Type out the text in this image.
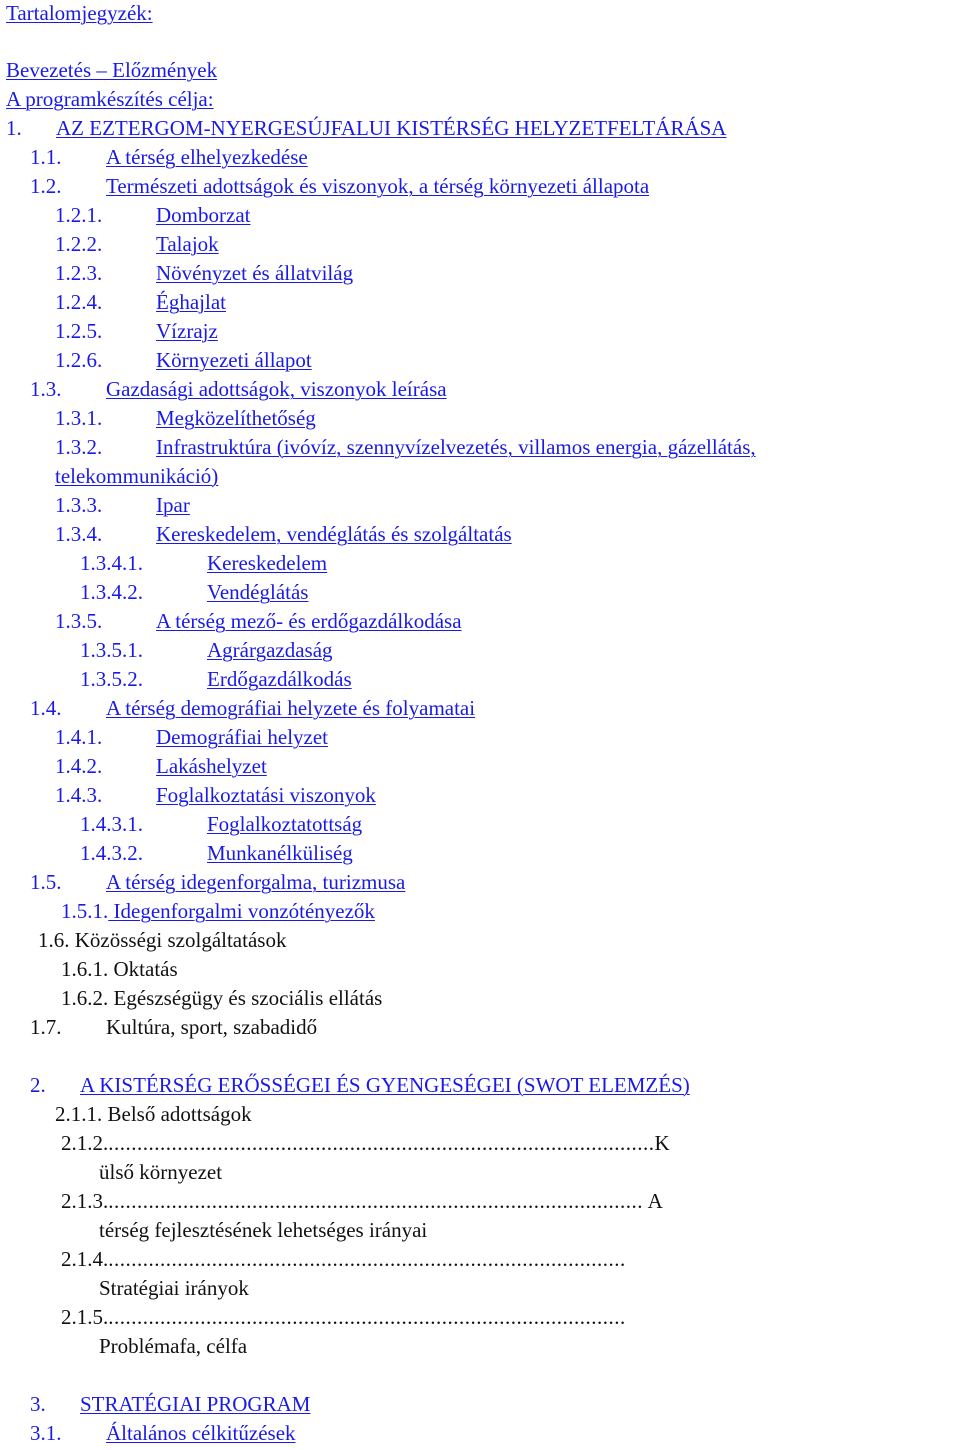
Tartalomjegyzék:
Bevezetés – Előzmények
A programkészítés célja:
1. AZ EZTERGOM-NYERGESÚJFALUI KISTÉRSÉG HELYZETFELTÁRÁSA
1.1. A térség elhelyezkedése
1.2. Természeti adottságok és viszonyok, a térség környezeti állapota
1.2.1.	Domborzat
1.2.2.	Talajok
1.2.3.	Növényzet és állatvilág
1.2.4.	Éghajlat
1.2.5.	Vízrajz
1.2.6.	Környezeti állapot
1.3. Gazdasági adottságok, viszonyok leírása
1.3.1.	Megközelíthetőség
1.3.2.	Infrastruktúra (ivóvíz, szennyvízelvezetés, villamos energia, gázellátás,
telekommunikáció)
1.3.3.	Ipar
1.3.4.	Kereskedelem, vendéglátás és szolgáltatás
1.3.4.1.	Kereskedelem
1.3.4.2.	Vendéglátás
1.3.5.	A térség mező- és erdőgazdálkodása
1.3.5.1.	Agrárgazdaság
1.3.5.2.	Erdőgazdálkodás
1.4. A térség demográfiai helyzete és folyamatai
1.4.1.	Demográfiai helyzet
1.4.2.	Lakáshelyzet
1.4.3.	Foglalkoztatási viszonyok
1.4.3.1.	Foglalkoztatottság
1.4.3.2.	Munkanélküliség
1.5. A térség idegenforgalma, turizmusa
1.5.1. Idegenforgalmi vonzótényezők
1.6. Közösségi szolgáltatások
1.6.1. Oktatás
1.6.2. Egészségügy és szociális ellátás
1.7. Kultúra, sport, szabadidő
2. A KISTÉRSÉG ERŐSSÉGEI ÉS GYENGESÉGEI (SWOT ELEMZÉS)
2.1.1. Belső adottságok
2.1.2................................................................................................K
ülső környezet
2.1.3.............................................................................................. A
térség fejlesztésének lehetséges irányai
2.1.4...........................................................................................
Stratégiai irányok
2.1.5...........................................................................................
Problémafa, célfa
3. STRATÉGIAI PROGRAM
3.1. Általános célkitűzések
